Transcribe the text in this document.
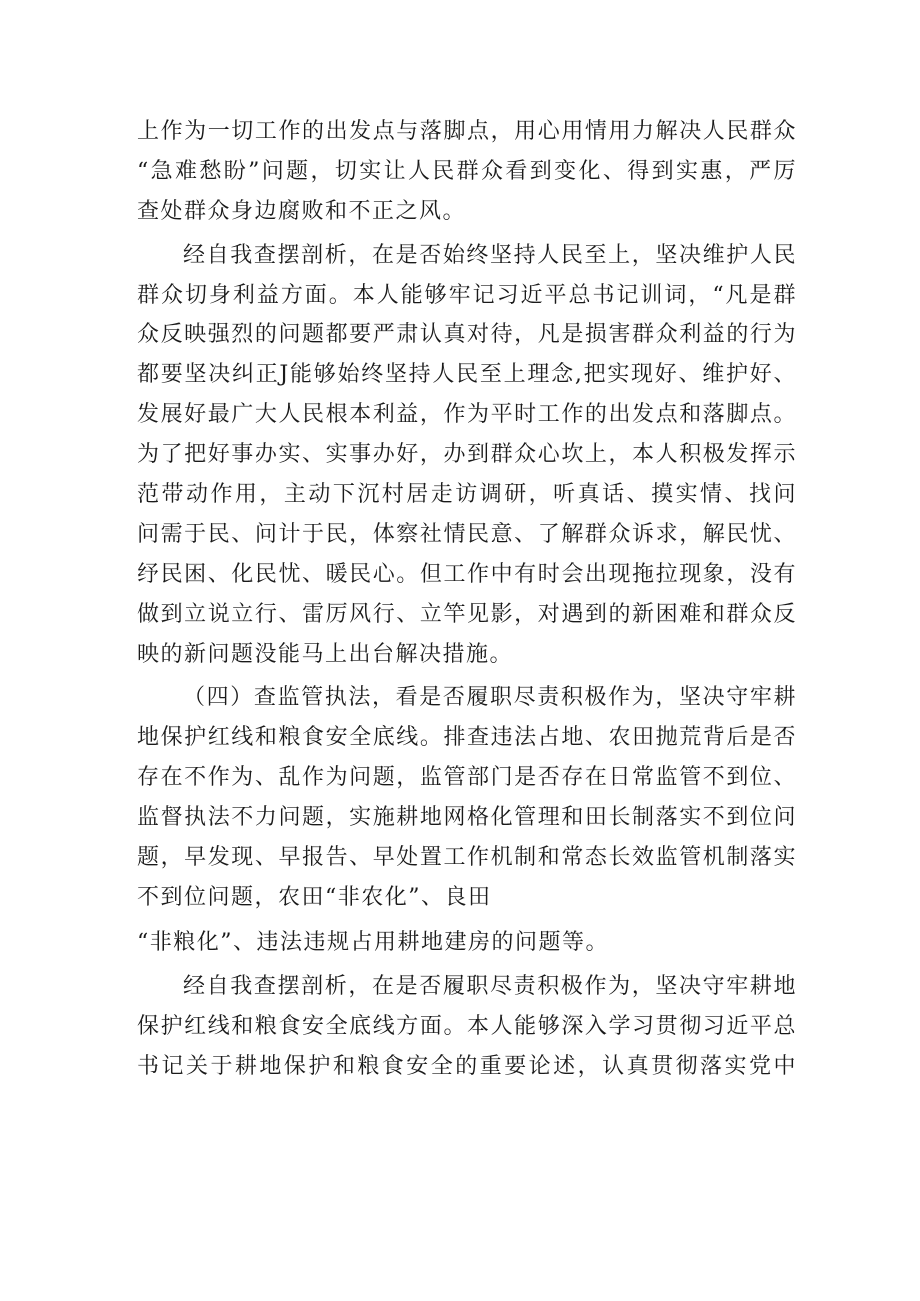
上作为一切工作的出发点与落脚点，用心用情用力解决人民群众
“急难愁盼”问题，切实让人民群众看到变化、得到实惠，严厉
查处群众身边腐败和不正之风。
经自我查摆剖析，在是否始终坚持人民至上，坚决维护人民
群众切身利益方面。本人能够牢记习近平总书记训词，“凡是群
众反映强烈的问题都要严肃认真对待，凡是损害群众利益的行为
都要坚决纠正J能够始终坚持人民至上理念,把实现好、维护好、
发展好最广大人民根本利益，作为平时工作的出发点和落脚点。
为了把好事办实、实事办好，办到群众心坎上，本人积极发挥示
范带动作用，主动下沉村居走访调研，听真话、摸实情、找问
问需于民、问计于民，体察社情民意、了解群众诉求，解民忧、
纾民困、化民忧、暖民心。但工作中有时会出现拖拉现象，没有
做到立说立行、雷厉风行、立竿见影，对遇到的新困难和群众反
映的新问题没能马上出台解决措施。
（四）查监管执法，看是否履职尽责积极作为，坚决守牢耕
地保护红线和粮食安全底线。排查违法占地、农田抛荒背后是否
存在不作为、乱作为问题，监管部门是否存在日常监管不到位、
监督执法不力问题，实施耕地网格化管理和田长制落实不到位问
题，早发现、早报告、早处置工作机制和常态长效监管机制落实
不到位问题，农田“非农化”、良田
“非粮化”、违法违规占用耕地建房的问题等。
经自我查摆剖析，在是否履职尽责积极作为，坚决守牢耕地
保护红线和粮食安全底线方面。本人能够深入学习贯彻习近平总
书记关于耕地保护和粮食安全的重要论述，认真贯彻落实党中
